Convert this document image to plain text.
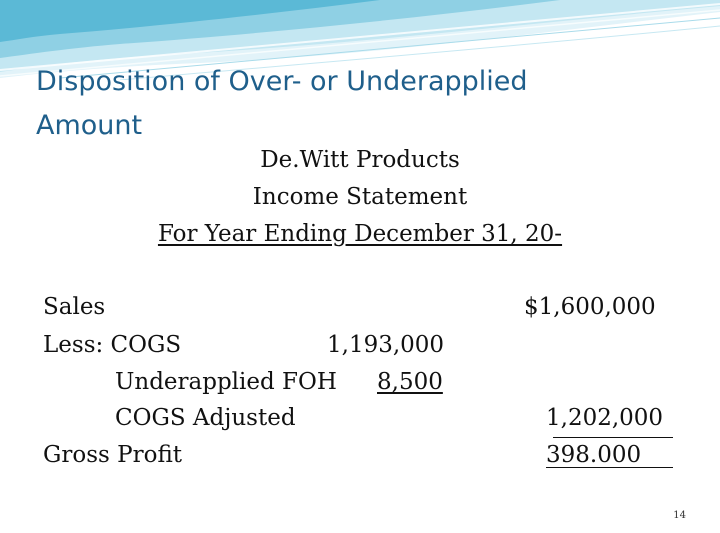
Disposition of Over- or Underapplied Amount
De.Witt Products
Income Statement
For Year Ending December 31, 20-
Sales	$1,600,000
Less: COGS	1,193,000
Underapplied FOH 8,500
COGS Adjusted	1,202,000
Gross Profit	398.000
14
